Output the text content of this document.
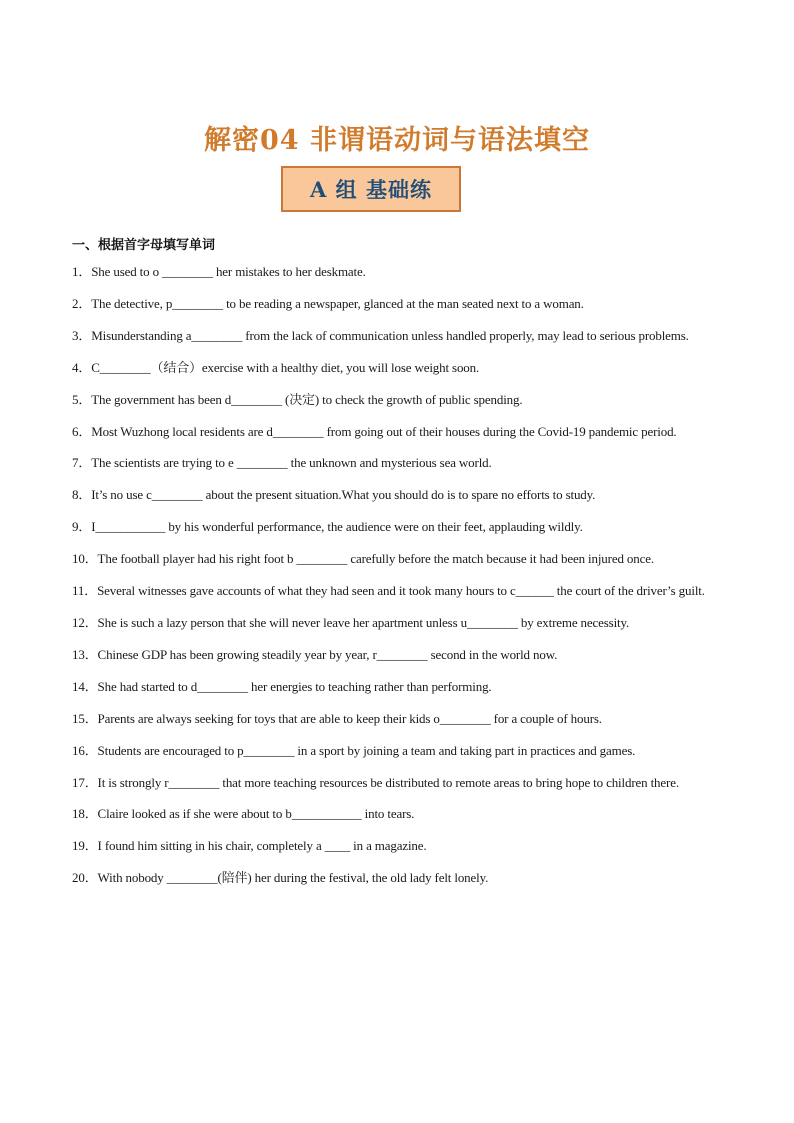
解密04 非谓语动词与语法填空
A 组 基础练
一、根据首字母填写单词
1．She used to o ________ her mistakes to her deskmate.
2．The detective, p________ to be reading a newspaper, glanced at the man seated next to a woman.
3．Misunderstanding a________ from the lack of communication unless handled properly, may lead to serious problems.
4．C________（结合）exercise with a healthy diet, you will lose weight soon.
5．The government has been d________ (决定) to check the growth of public spending.
6．Most Wuzhong local residents are d________ from going out of their houses during the Covid-19 pandemic period.
7．The scientists are trying to e ________ the unknown and mysterious sea world.
8．It’s no use c________ about the present situation.What you should do is to spare no efforts to study.
9．I___________ by his wonderful performance, the audience were on their feet, applauding wildly.
10．The football player had his right foot b ________ carefully before the match because it had been injured once.
11．Several witnesses gave accounts of what they had seen and it took many hours to c______ the court of the driver’s guilt.
12．She is such a lazy person that she will never leave her apartment unless u________ by extreme necessity.
13．Chinese GDP has been growing steadily year by year, r________ second in the world now.
14．She had started to d________ her energies to teaching rather than performing.
15．Parents are always seeking for toys that are able to keep their kids o________ for a couple of hours.
16．Students are encouraged to p________ in a sport by joining a team and taking part in practices and games.
17．It is strongly r________ that more teaching resources be distributed to remote areas to bring hope to children there.
18．Claire looked as if she were about to b___________ into tears.
19．I found him sitting in his chair, completely a ____ in a magazine.
20．With nobody ________(陪伴) her during the festival, the old lady felt lonely.
